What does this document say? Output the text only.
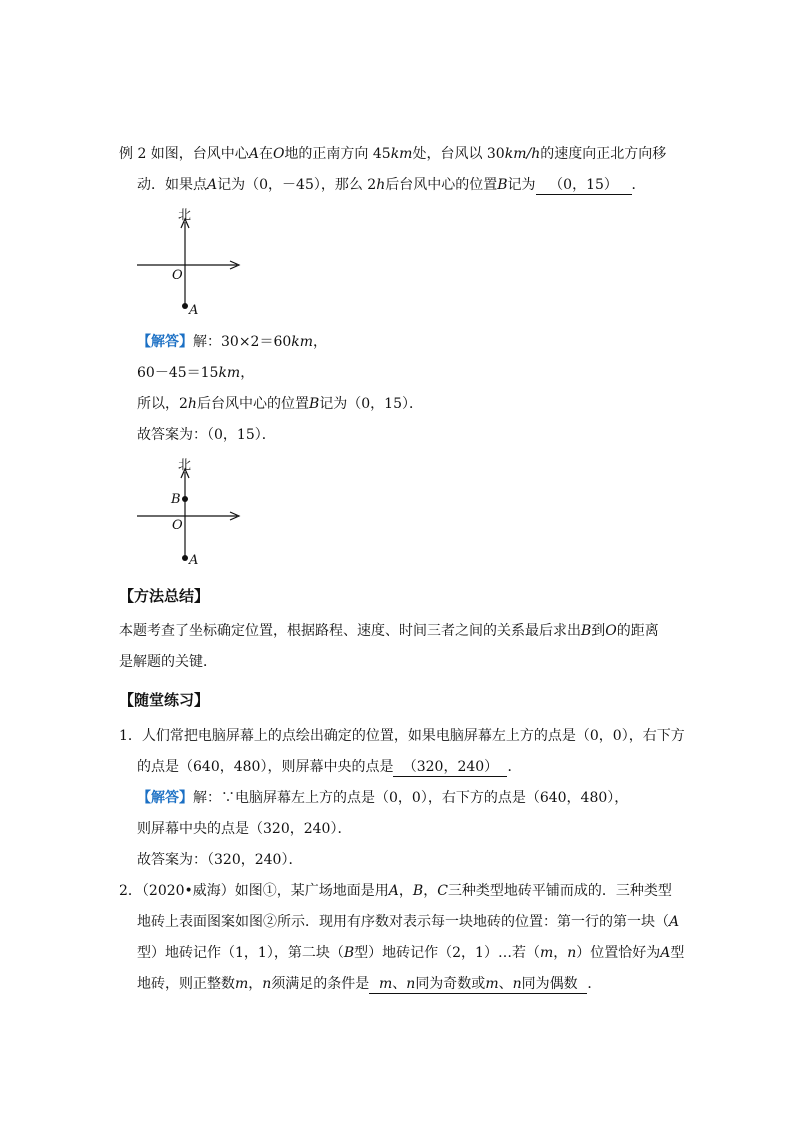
例 2 如图，台风中心A在O地的正南方向 45km处，台风以 30km/h的速度向正北方向移
动．如果点A记为（0，－45），那么 2h后台风中心的位置B记为 （0，15） ．
北
O
A
【解答】解：30×2＝60km，
60－45＝15km，
所以，2h后台风中心的位置B记为（0，15）．
故答案为：（0，15）．
北
B
O
A
【方法总结】
本题考查了坐标确定位置，根据路程、速度、时间三者之间的关系最后求出B到O的距离
是解题的关键．
【随堂练习】
1．人们常把电脑屏幕上的点绘出确定的位置，如果电脑屏幕左上方的点是（0，0），右下方
的点是（640，480），则屏幕中央的点是 （320，240） ．
【解答】解：∵电脑屏幕左上方的点是（0，0），右下方的点是（640，480），
则屏幕中央的点是（320，240）．
故答案为：（320，240）．
2．（2020•威海）如图①，某广场地面是用A，B，C三种类型地砖平铺而成的．三种类型
地砖上表面图案如图②所示．现用有序数对表示每一块地砖的位置：第一行的第一块（A
型）地砖记作（1，1），第二块（B型）地砖记作（2，1）…若（m，n）位置恰好为A型
地砖，则正整数m，n须满足的条件是 m、n同为奇数或m、n同为偶数 ．
